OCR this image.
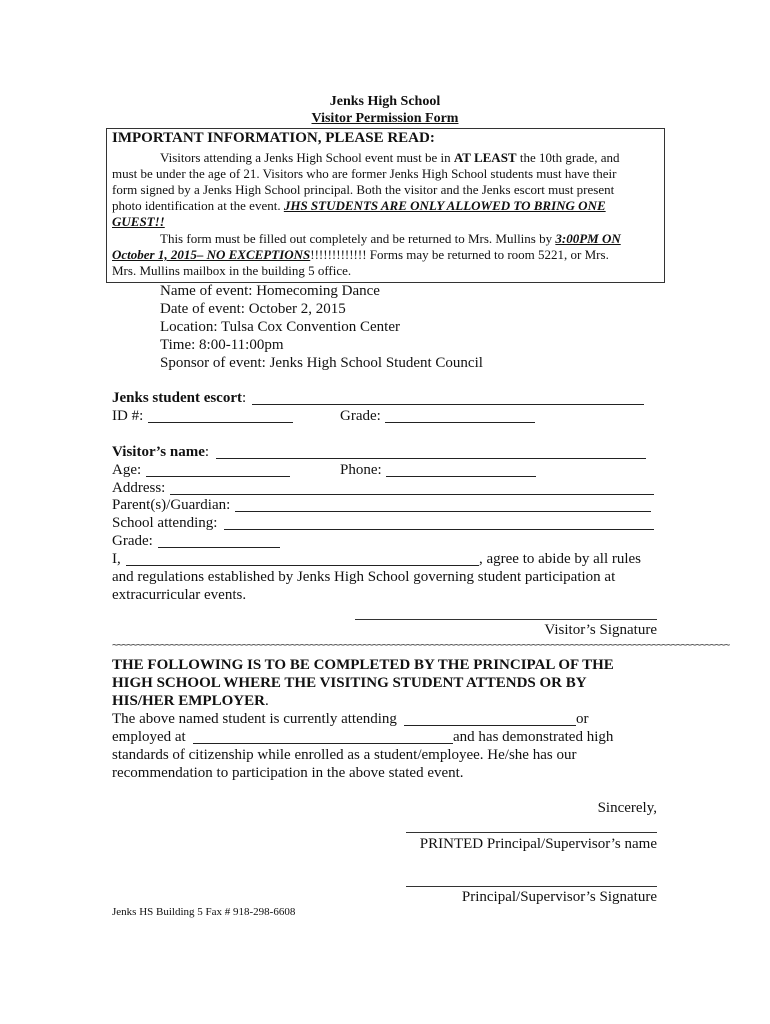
Jenks High School
Visitor Permission Form
IMPORTANT INFORMATION, PLEASE READ:
Visitors attending a Jenks High School event must be in AT LEAST the 10th grade, and
must be under the age of 21. Visitors who are former Jenks High School students must have their
form signed by a Jenks High School principal. Both the visitor and the Jenks escort must present
photo identification at the event. JHS STUDENTS ARE ONLY ALLOWED TO BRING ONE
GUEST!!
This form must be filled out completely and be returned to Mrs. Mullins by 3:00PM ON
October 1, 2015– NO EXCEPTIONS!!!!!!!!!!!!! Forms may be returned to room 5221, or Mrs.
Mrs. Mullins mailbox in the building 5 office.
Name of event: Homecoming Dance
Date of event: October 2, 2015
Location: Tulsa Cox Convention Center
Time: 8:00-11:00pm
Sponsor of event: Jenks High School Student Council
Jenks student escort:
ID #:	Grade:
Visitor’s name:
Age:	Phone:
Address:
Parent(s)/Guardian:
School attending:
Grade:
I,	, agree to abide by all rules
and regulations established by Jenks High School governing student participation at
extracurricular events.
Visitor’s Signature
~~~~~~~~~~~~~~~~~~~~~~~~~~~~~~~~~~~~~~~~~~~~~~~~~~~~~~~~~~~~~~~~~~~~~~~~~~~~~~~~~~~~~~~~~~~~~~~~~~~~~~~~~~~~~~~~~~~~~~~~~~~~~~~~
THE FOLLOWING IS TO BE COMPLETED BY THE PRINCIPAL OF THE
HIGH SCHOOL WHERE THE VISITING STUDENT ATTENDS OR BY
HIS/HER EMPLOYER.
The above named student is currently attending	or
employed at	and has demonstrated high
standards of citizenship while enrolled as a student/employee. He/she has our
recommendation to participation in the above stated event.
Sincerely,
PRINTED Principal/Supervisor’s name
Principal/Supervisor’s Signature
Jenks HS Building 5 Fax # 918-298-6608
